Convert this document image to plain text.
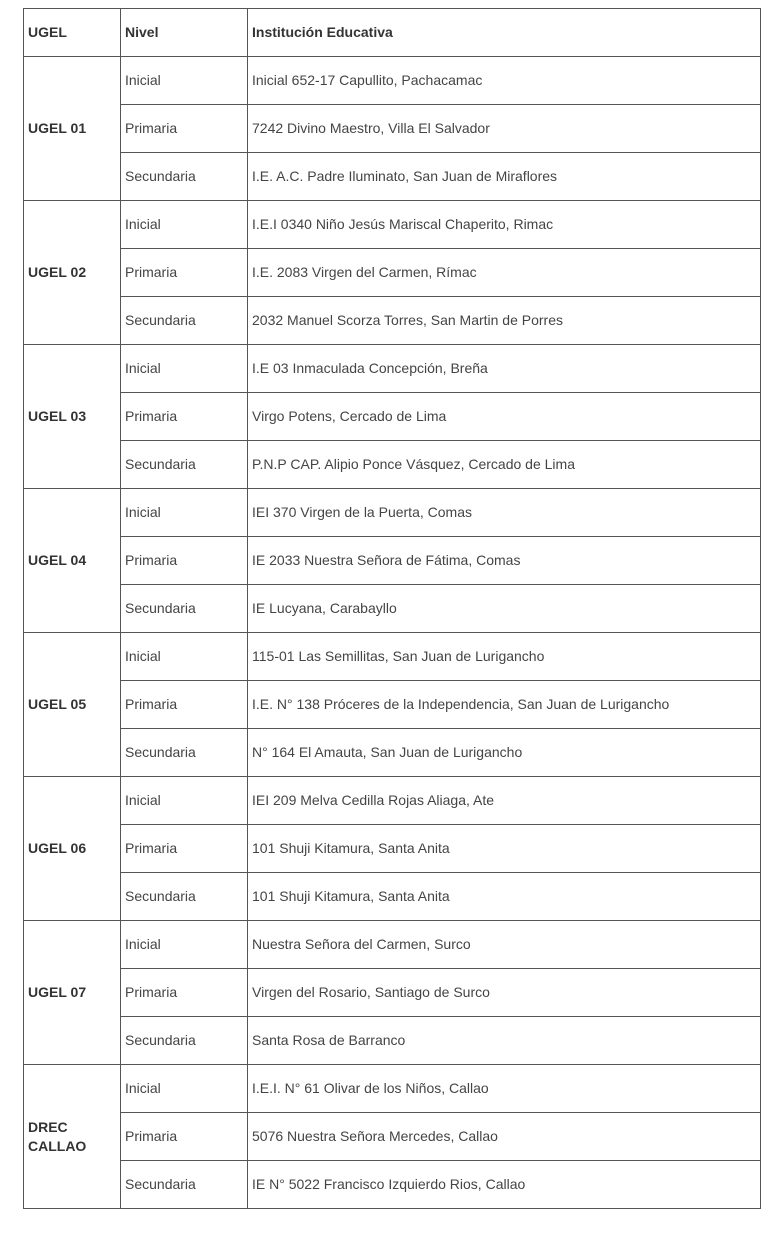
UGEL	Nivel	Institución Educativa
UGEL 01	Inicial	Inicial 652-17 Capullito, Pachacamac
	Primaria	7242 Divino Maestro, Villa El Salvador
	Secundaria	I.E. A.C. Padre Iluminato, San Juan de Miraflores
UGEL 02	Inicial	I.E.I 0340 Niño Jesús Mariscal Chaperito, Rimac
	Primaria	I.E. 2083 Virgen del Carmen, Rímac
	Secundaria	2032 Manuel Scorza Torres, San Martin de Porres
UGEL 03	Inicial	I.E 03 Inmaculada Concepción, Breña
	Primaria	Virgo Potens, Cercado de Lima
	Secundaria	P.N.P CAP. Alipio Ponce Vásquez, Cercado de Lima
UGEL 04	Inicial	IEI 370 Virgen de la Puerta, Comas
	Primaria	IE 2033 Nuestra Señora de Fátima, Comas
	Secundaria	IE Lucyana, Carabayllo
UGEL 05	Inicial	115-01 Las Semillitas, San Juan de Lurigancho
	Primaria	I.E. N° 138 Próceres de la Independencia, San Juan de Lurigancho
	Secundaria	N° 164 El Amauta, San Juan de Lurigancho
UGEL 06	Inicial	IEI 209 Melva Cedilla Rojas Aliaga, Ate
	Primaria	101 Shuji Kitamura, Santa Anita
	Secundaria	101 Shuji Kitamura, Santa Anita
UGEL 07	Inicial	Nuestra Señora del Carmen, Surco
	Primaria	Virgen del Rosario, Santiago de Surco
	Secundaria	Santa Rosa de Barranco
DREC CALLAO	Inicial	I.E.I. N° 61 Olivar de los Niños, Callao
	Primaria	5076 Nuestra Señora Mercedes, Callao
	Secundaria	IE N° 5022 Francisco Izquierdo Rios, Callao
